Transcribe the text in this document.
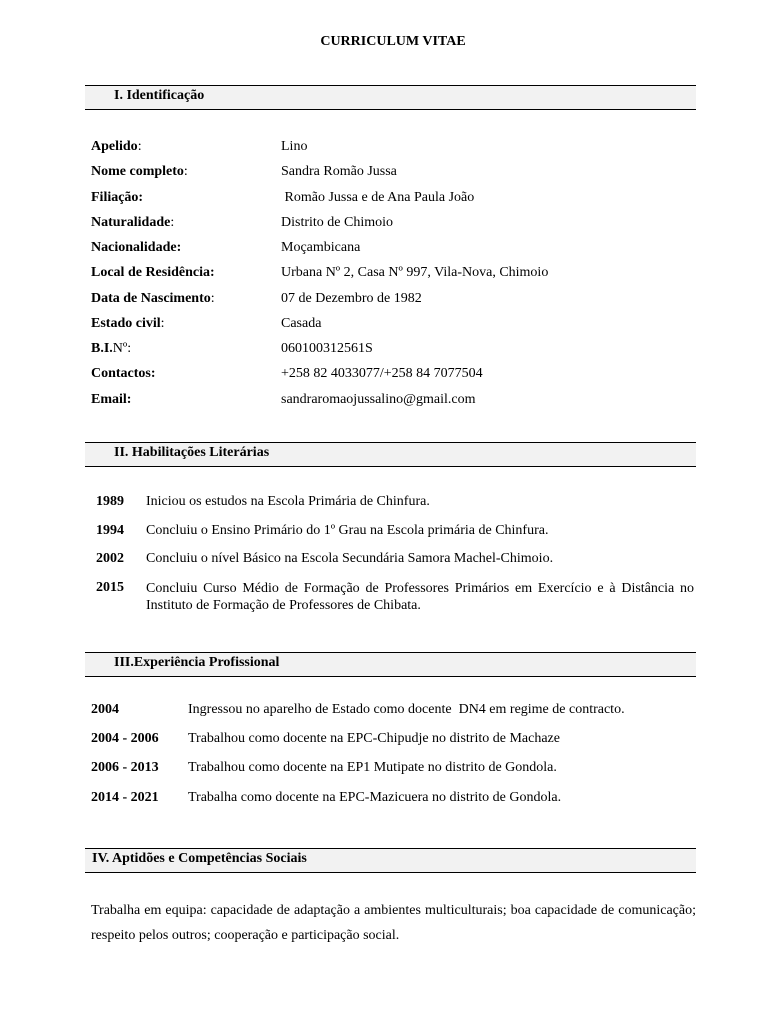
CURRICULUM VITAE
I. Identificação
Apelido:	Lino
Nome completo:	Sandra Romão Jussa
Filiação:	Romão Jussa e de Ana Paula João
Naturalidade:	Distrito de Chimoio
Nacionalidade:	Moçambicana
Local de Residência:	Urbana Nº 2, Casa Nº 997, Vila-Nova, Chimoio
Data de Nascimento:	07 de Dezembro de 1982
Estado civil:	Casada
B.I.Nº:	060100312561S
Contactos:	+258 82 4033077/+258 84 7077504
Email:	sandraromaojussalino@gmail.com
II. Habilitações Literárias
1989 Iniciou os estudos na Escola Primária de Chinfura.
1994 Concluiu o Ensino Primário do 1º Grau na Escola primária de Chinfura.
2002 Concluiu o nível Básico na Escola Secundária Samora Machel-Chimoio.
2015 Concluiu Curso Médio de Formação de Professores Primários em Exercício e à Distância no Instituto de Formação de Professores de Chibata.
III.Experiência Profissional
2004	Ingressou no aparelho de Estado como docente  DN4 em regime de contracto.
2004 - 2006 Trabalhou como docente na EPC-Chipudje no distrito de Machaze
2006 - 2013 Trabalhou como docente na EP1 Mutipate no distrito de Gondola.
2014 - 2021 Trabalha como docente na EPC-Mazicuera no distrito de Gondola.
IV. Aptidões e Competências Sociais
Trabalha em equipa: capacidade de adaptação a ambientes multiculturais; boa capacidade de comunicação; respeito pelos outros; cooperação e participação social.
